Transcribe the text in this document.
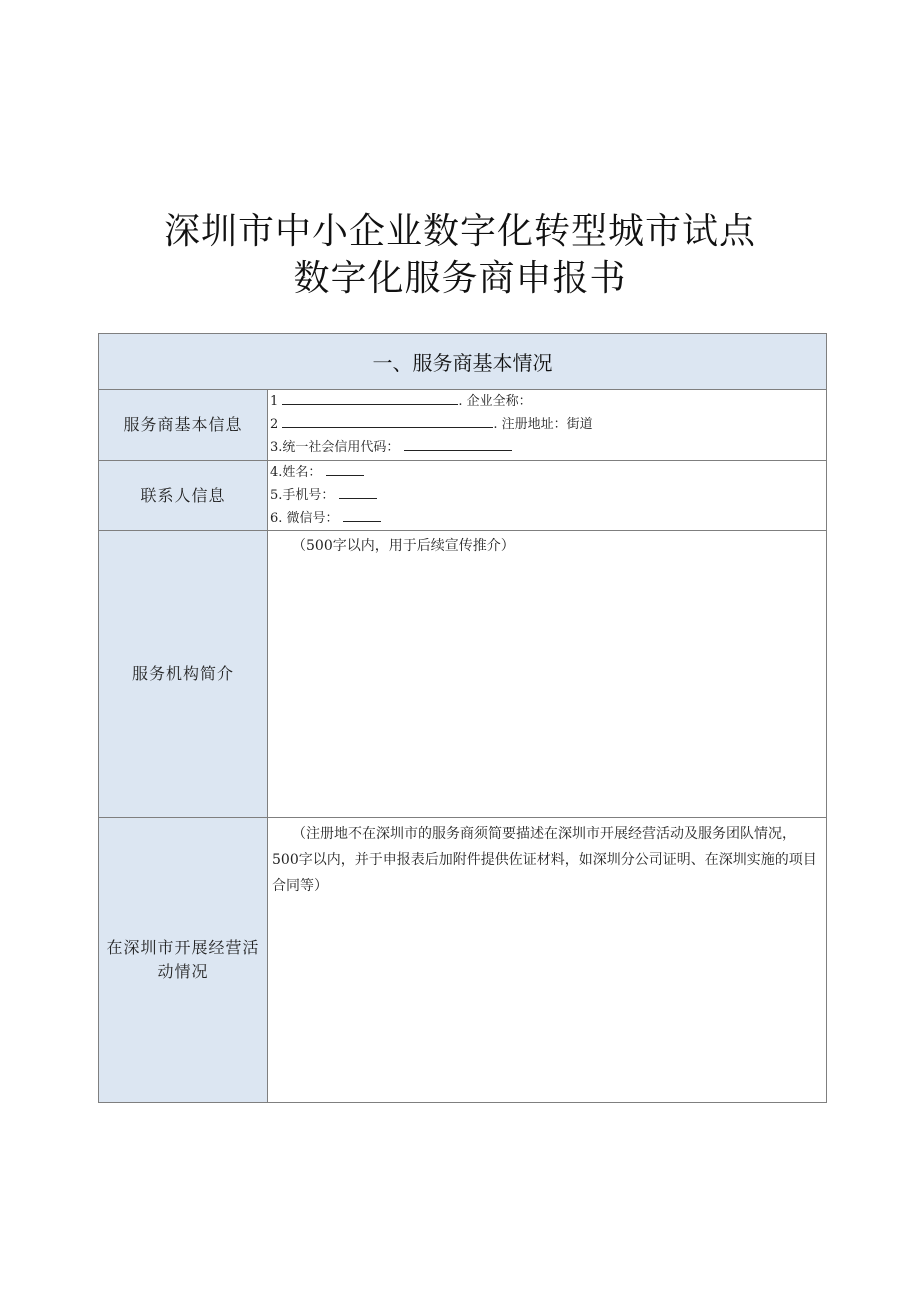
深圳市中小企业数字化转型城市试点
数字化服务商申报书
一、服务商基本情况	
服务商基本信息	1 . 企业全称：
2 . 注册地址：街道
3.统一社会信用代码：

联系人信息	4.姓名：
5.手机号：
6. 微信号：

服务机构简介	（500字以内，用于后续宣传推介）

在深圳市开展经营活动情况	（注册地不在深圳市的服务商须简要描述在深圳市开展经营活动及服务团队情况，500字以内，并于申报表后加附件提供佐证材料，如深圳分公司证明、在深圳实施的项目合同等）
